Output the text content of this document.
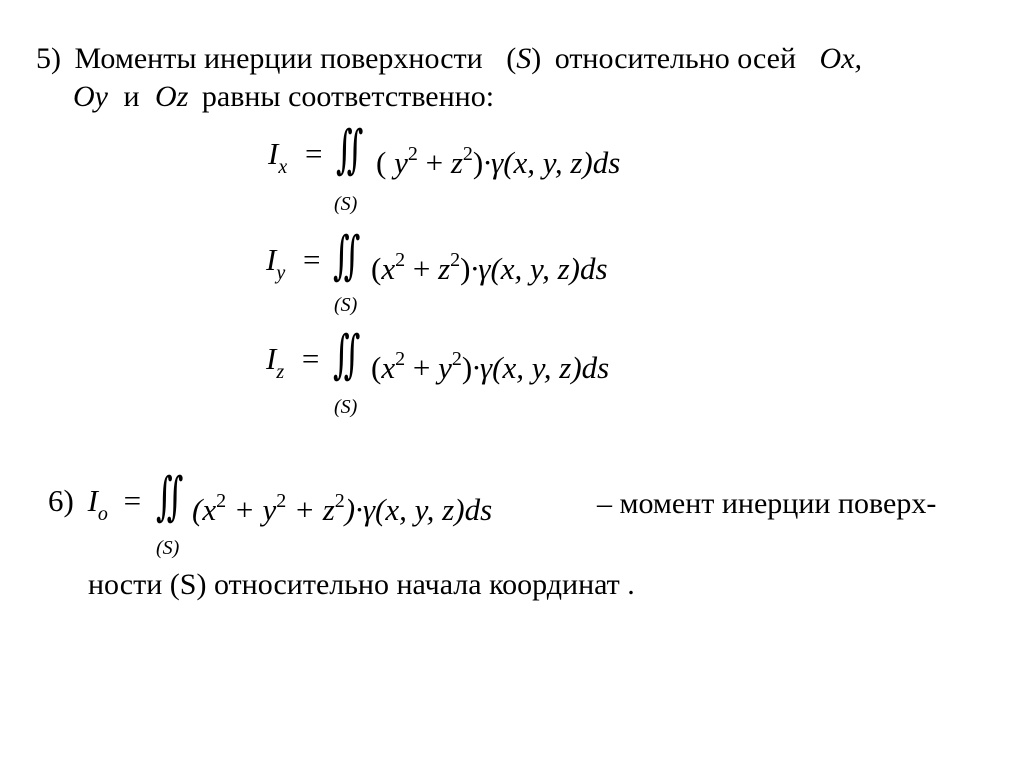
5) Моменты инерции поверхности (S) относительно осей Ox,
Oy и Oz равны соответственно:
$I_x$ = ∬ ( $y^2 + z^2)\cdot\gamma(x$, y, z)ds
(S)
$I_y$ = ∬ $(x^2 + z^2)\cdot\gamma(x$, y, z)ds
(S)
$I_z$ = ∬ $(x^2 + y^2)\cdot\gamma(x$, y, z)ds
(S)
6) $I_o$ = ∬ $(x^2 + y^2 + z^2)\cdot\gamma(x$, y, z)ds
(S)
– момент инерции поверх-
ности (S) относительно начала координат .
